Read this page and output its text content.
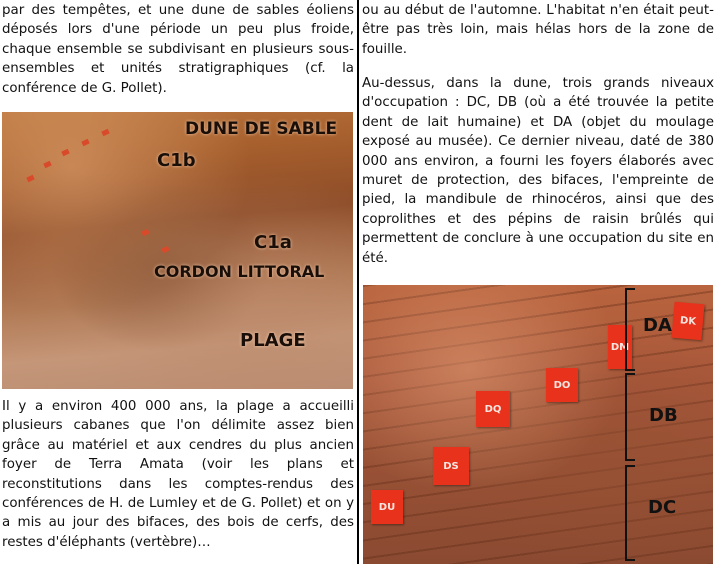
par des tempêtes, et une dune de sables éoliens déposés lors d'une période un peu plus froide, chaque ensemble se subdivisant en plusieurs sous-ensembles et unités stratigraphiques (cf. la conférence de G. Pollet).

DUNE DE SABLE
C1b
C1a
CORDON LITTORAL
PLAGE

Il y a environ 400 000 ans, la plage a accueilli plusieurs cabanes que l'on délimite assez bien grâce au matériel et aux cendres du plus ancien foyer de Terra Amata (voir les plans et reconstitutions dans les comptes-rendus des conférences de H. de Lumley et de G. Pollet) et on y a mis au jour des bifaces, des bois de cerfs, des restes d'éléphants (vertèbre)…

ou au début de l'automne. L'habitat n'en était peut-être pas très loin, mais hélas hors de la zone de fouille.

Au-dessus, dans la dune, trois grands niveaux d'occupation : DC, DB (où a été trouvée la petite dent de lait humaine) et DA (objet du moulage exposé au musée). Ce dernier niveau, daté de 380 000 ans environ, a fourni les foyers élaborés avec muret de protection, des bifaces, l'empreinte de pied, la mandibule de rhinocéros, ainsi que des coprolithes et des pépins de raisin brûlés qui permettent de conclure à une occupation du site en été.

DK
DM
DO
DQ
DS
DU
DA
DB
DC
